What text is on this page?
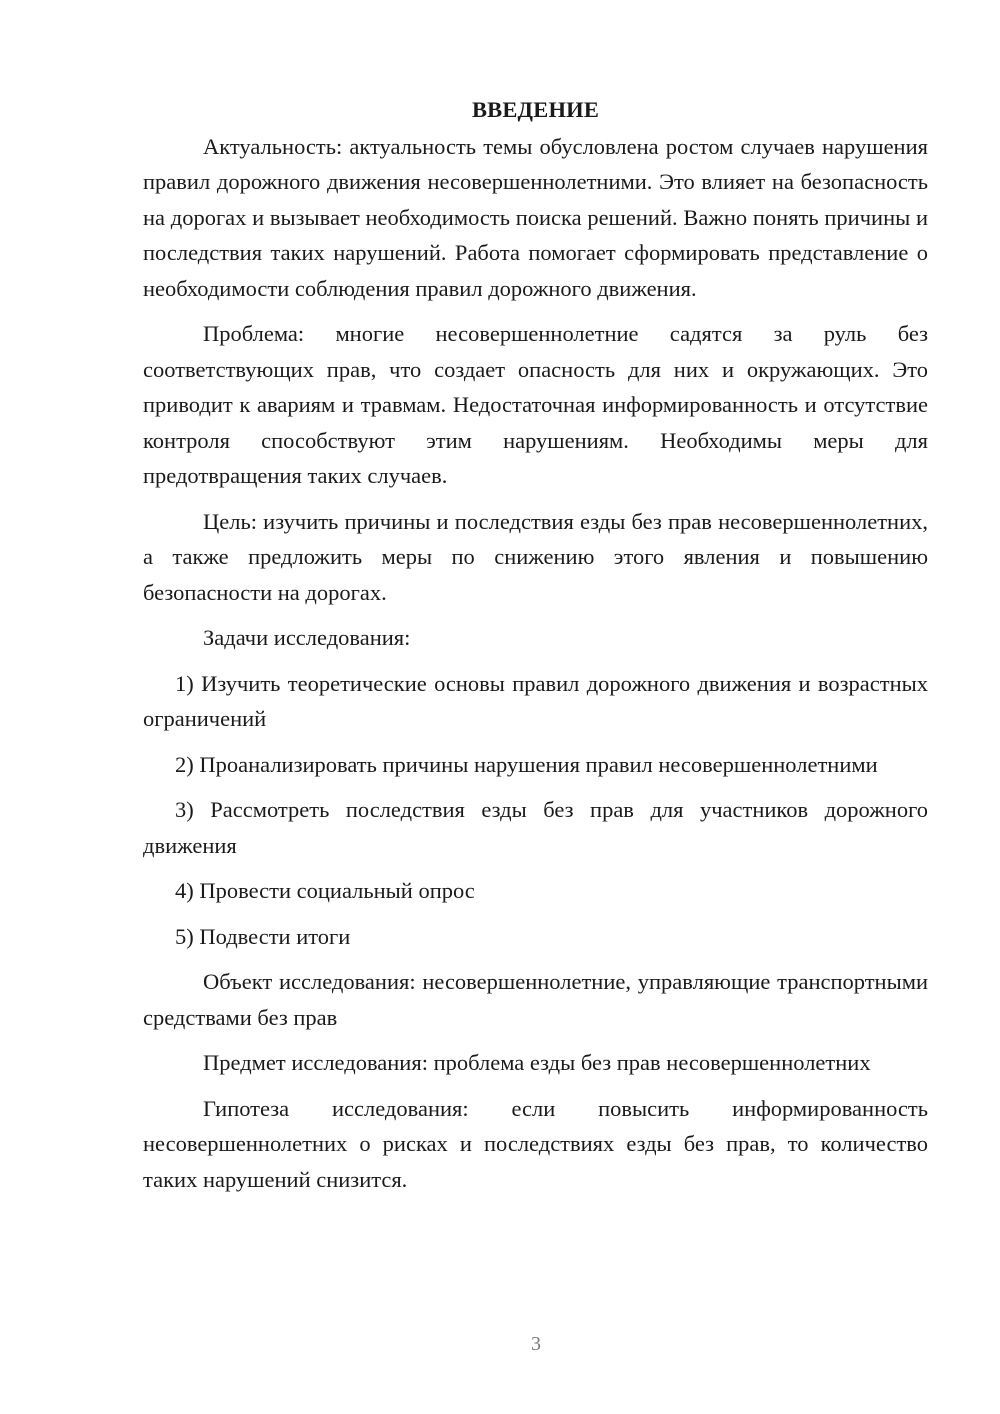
ВВЕДЕНИЕ

Актуальность: актуальность темы обусловлена ростом случаев нарушения правил дорожного движения несовершеннолетними. Это влияет на безопасность на дорогах и вызывает необходимость поиска решений. Важно понять причины и последствия таких нарушений. Работа помогает сформировать представление о необходимости соблюдения правил дорожного движения.

Проблема: многие несовершеннолетние садятся за руль без соответствующих прав, что создает опасность для них и окружающих. Это приводит к авариям и травмам. Недостаточная информированность и отсутствие контроля способствуют этим нарушениям. Необходимы меры для предотвращения таких случаев.

Цель: изучить причины и последствия езды без прав несовершеннолетних, а также предложить меры по снижению этого явления и повышению безопасности на дорогах.

Задачи исследования:

1) Изучить теоретические основы правил дорожного движения и возрастных ограничений

2) Проанализировать причины нарушения правил несовершеннолетними

3) Рассмотреть последствия езды без прав для участников дорожного движения

4) Провести социальный опрос

5) Подвести итоги

Объект исследования: несовершеннолетние, управляющие транспортными средствами без прав

Предмет исследования: проблема езды без прав несовершеннолетних

Гипотеза исследования: если повысить информированность несовершеннолетних о рисках и последствиях езды без прав, то количество таких нарушений снизится.

3
